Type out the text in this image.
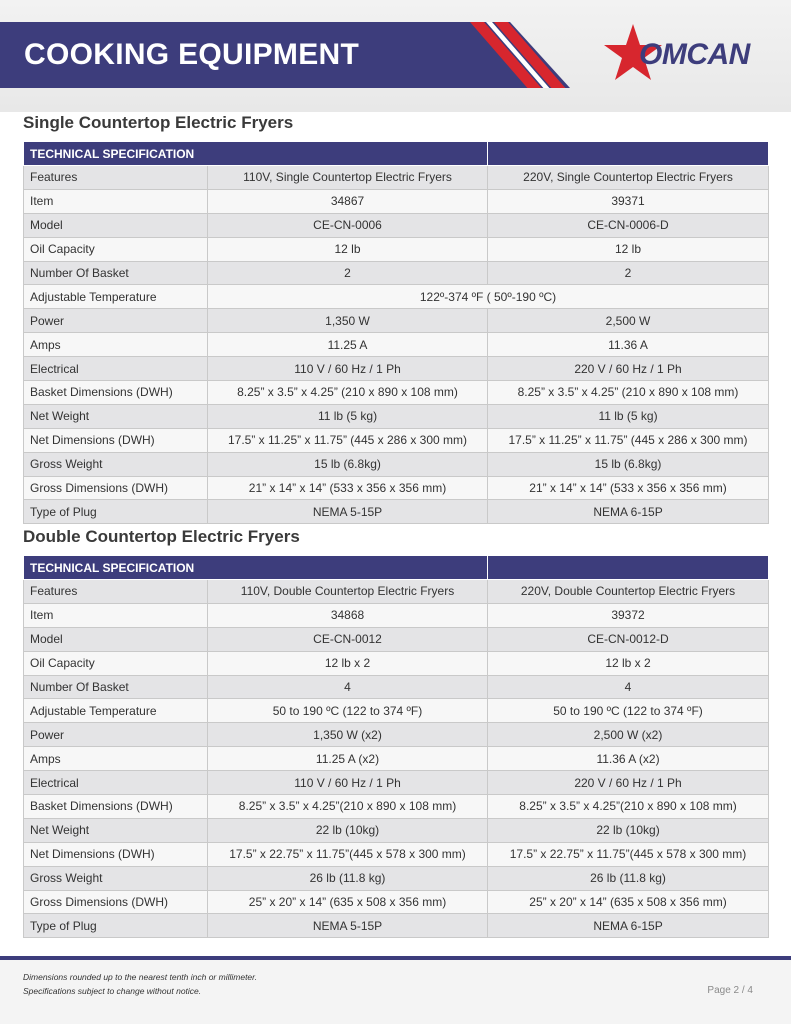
COOKING EQUIPMENT	OMCAN
Single Countertop Electric Fryers
TECHNICAL SPECIFICATION		
Features	110V, Single Countertop Electric Fryers	220V, Single Countertop Electric Fryers
Item	34867	39371
Model	CE-CN-0006	CE-CN-0006-D
Oil Capacity	12 lb	12 lb
Number Of Basket	2	2
Adjustable Temperature	122º-374 ºF ( 50º-190 ºC)	
Power	1,350 W	2,500 W
Amps	11.25 A	11.36 A
Electrical	110 V / 60 Hz / 1 Ph	220 V / 60 Hz / 1 Ph
Basket Dimensions (DWH)	8.25” x 3.5” x 4.25” (210 x 890 x 108 mm)	8.25” x 3.5” x 4.25” (210 x 890 x 108 mm)
Net Weight	11 lb (5 kg)	11 lb (5 kg)
Net Dimensions (DWH)	17.5” x 11.25” x 11.75” (445 x 286 x 300 mm)	17.5” x 11.25” x 11.75” (445 x 286 x 300 mm)
Gross Weight	15 lb (6.8kg)	15 lb (6.8kg)
Gross Dimensions (DWH)	21” x 14” x 14” (533 x 356 x 356 mm)	21” x 14” x 14” (533 x 356 x 356 mm)
Type of Plug	NEMA 5-15P	NEMA 6-15P
Double Countertop Electric Fryers
TECHNICAL SPECIFICATION		
Features	110V, Double Countertop Electric Fryers	220V, Double Countertop Electric Fryers
Item	34868	39372
Model	CE-CN-0012	CE-CN-0012-D
Oil Capacity	12 lb x 2	12 lb x 2
Number Of Basket	4	4
Adjustable Temperature	50 to 190 ºC (122 to 374 ºF)	50 to 190 ºC (122 to 374 ºF)
Power	1,350 W (x2)	2,500 W (x2)
Amps	11.25 A (x2)	11.36 A (x2)
Electrical	110 V / 60 Hz / 1 Ph	220 V / 60 Hz / 1 Ph
Basket Dimensions (DWH)	8.25” x 3.5” x 4.25”(210 x 890 x 108 mm)	8.25” x 3.5” x 4.25”(210 x 890 x 108 mm)
Net Weight	22 lb (10kg)	22 lb (10kg)
Net Dimensions (DWH)	17.5” x 22.75” x 11.75”(445 x 578 x 300 mm)	17.5” x 22.75” x 11.75”(445 x 578 x 300 mm)
Gross Weight	26 lb (11.8 kg)	26 lb (11.8 kg)
Gross Dimensions (DWH)	25” x 20” x 14” (635 x 508 x 356 mm)	25” x 20” x 14” (635 x 508 x 356 mm)
Type of Plug	NEMA 5-15P	NEMA 6-15P
Dimensions rounded up to the nearest tenth inch or millimeter.
Specifications subject to change without notice.	Page 2 / 4
